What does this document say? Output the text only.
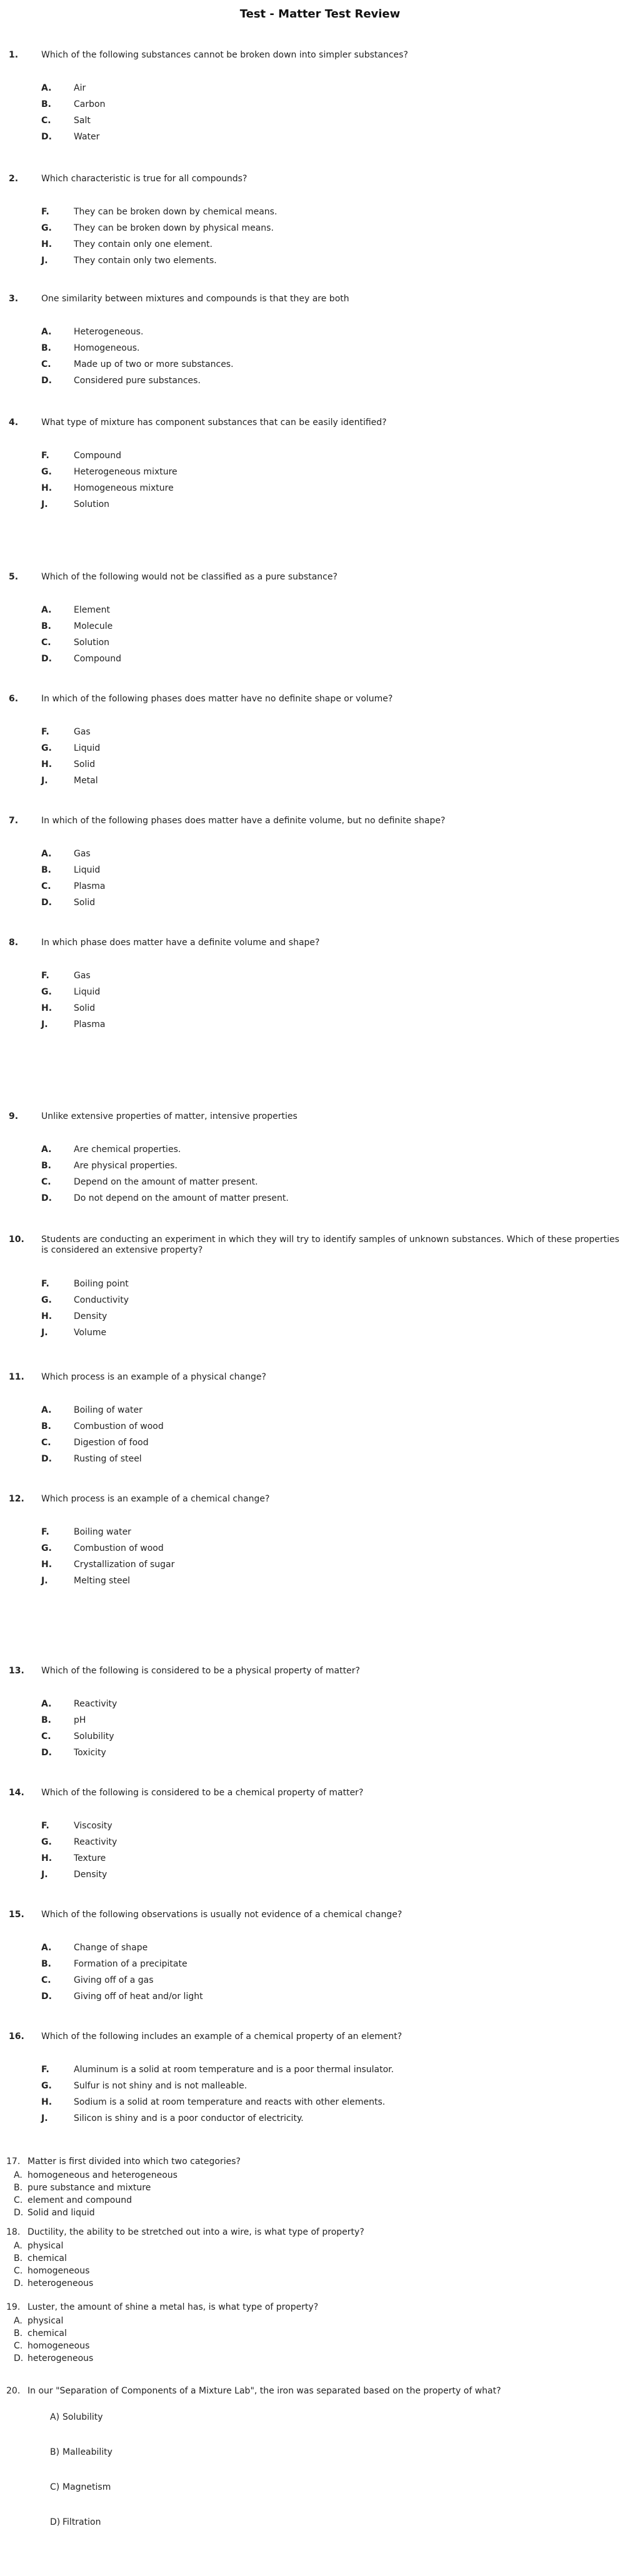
Test - Matter Test Review
1.	Which of the following substances cannot be broken down into simpler substances?
A.	Air
B.	Carbon
C.	Salt
D.	Water
2.	Which characteristic is true for all compounds?
F.	They can be broken down by chemical means.
G.	They can be broken down by physical means.
H. They contain only one element.
J.	They contain only two elements.
3.	One similarity between mixtures and compounds is that they are both
A.	Heterogeneous.
B.	Homogeneous.
C.	Made up of two or more substances.
D.	Considered pure substances.
4.	What type of mixture has component substances that can be easily identified?
F.	Compound
G.	Heterogeneous mixture
H. Homogeneous mixture
J.	Solution
5.	Which of the following would not be classified as a pure substance?
A.	Element
B.	Molecule
C.	Solution
D.	Compound
6.	In which of the following phases does matter have no definite shape or volume?
F.	Gas
G.	Liquid
H. Solid
J.	Metal
7.	In which of the following phases does matter have a definite volume, but no definite shape?
A.	Gas
B.	Liquid
C.	Plasma
D.	Solid
8.	In which phase does matter have a definite volume and shape?
F.	Gas
G.	Liquid
H. Solid
J.	Plasma
9.	Unlike extensive properties of matter, intensive properties
A.	Are chemical properties.
B.	Are physical properties.
C.	Depend on the amount of matter present.
D.	Do not depend on the amount of matter present.
10. Students are conducting an experiment in which they will try to identify samples of unknown substances. Which of these properties is considered an extensive property?
F.	Boiling point
G.	Conductivity
H. Density
J.	Volume
11. Which process is an example of a physical change?
A.	Boiling of water
B.	Combustion of wood
C.	Digestion of food
D.	Rusting of steel
12. Which process is an example of a chemical change?
F.	Boiling water
G.	Combustion of wood
H. Crystallization of sugar
J.	Melting steel
13. Which of the following is considered to be a physical property of matter?
A.	Reactivity
B.	pH
C.	Solubility
D.	Toxicity
14. Which of the following is considered to be a chemical property of matter?
F.	Viscosity
G.	Reactivity
H. Texture
J.	Density
15. Which of the following observations is usually not evidence of a chemical change?
A.	Change of shape
B.	Formation of a precipitate
C.	Giving off of a gas
D.	Giving off of heat and/or light
16. Which of the following includes an example of a chemical property of an element?
F.	Aluminum is a solid at room temperature and is a poor thermal insulator.
G.	Sulfur is not shiny and is not malleable.
H. Sodium is a solid at room temperature and reacts with other elements.
J.	Silicon is shiny and is a poor conductor of electricity.
17. Matter is first divided into which two categories?
A. homogeneous and heterogeneous
B. pure substance and mixture
C. element and compound
D. Solid and liquid
18. Ductility, the ability to be stretched out into a wire, is what type of property?
A. physical
B. chemical
C. homogeneous
D. heterogeneous
19. Luster, the amount of shine a metal has, is what type of property?
A. physical
B. chemical
C. homogeneous
D. heterogeneous
20. In our "Separation of Components of a Mixture Lab", the iron was separated based on the property of what?
A) Solubility
B) Malleability
C) Magnetism
D) Filtration
